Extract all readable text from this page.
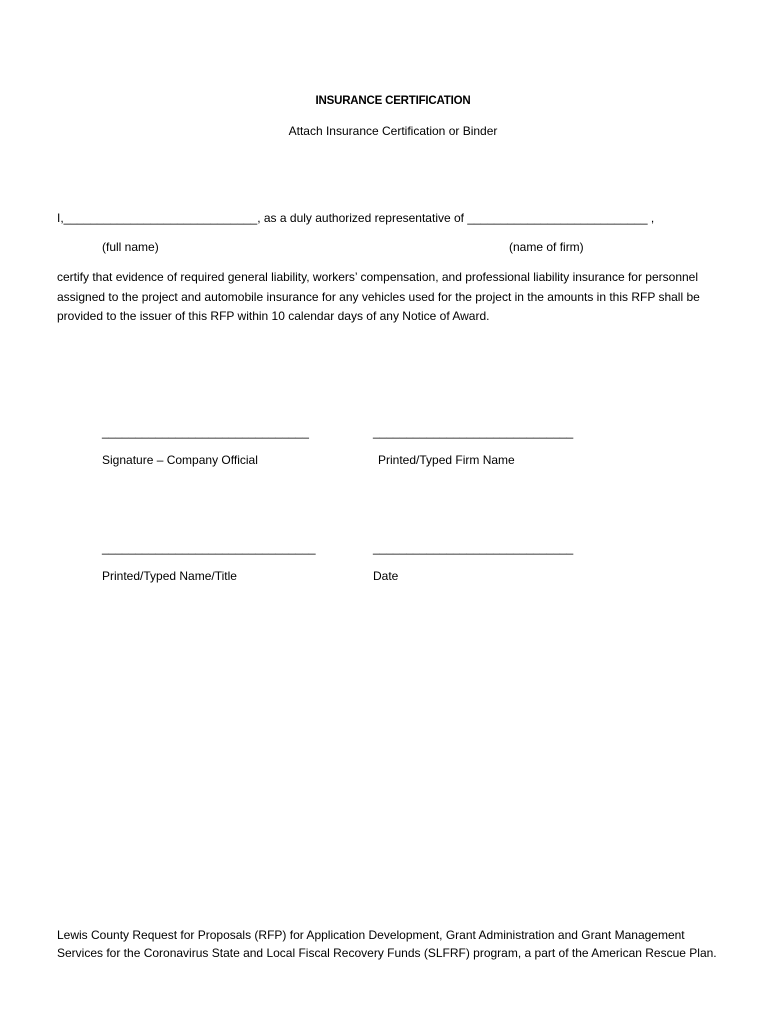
INSURANCE CERTIFICATION
Attach Insurance Certification or Binder
I,_____________________________, as a duly authorized representative of ___________________________ ,
(full name)	(name of firm)
certify that evidence of required general liability, workers’ compensation, and professional liability insurance for personnel assigned to the project and automobile insurance for any vehicles used for the project in the amounts in this RFP shall be provided to the issuer of this RFP within 10 calendar days of any Notice of Award.
_______________________________	______________________________
Signature – Company Official	Printed/Typed Firm Name
________________________________	______________________________
Printed/Typed Name/Title	Date
Lewis County Request for Proposals (RFP) for Application Development, Grant Administration and Grant Management Services for the Coronavirus State and Local Fiscal Recovery Funds (SLFRF) program, a part of the American Rescue Plan.
